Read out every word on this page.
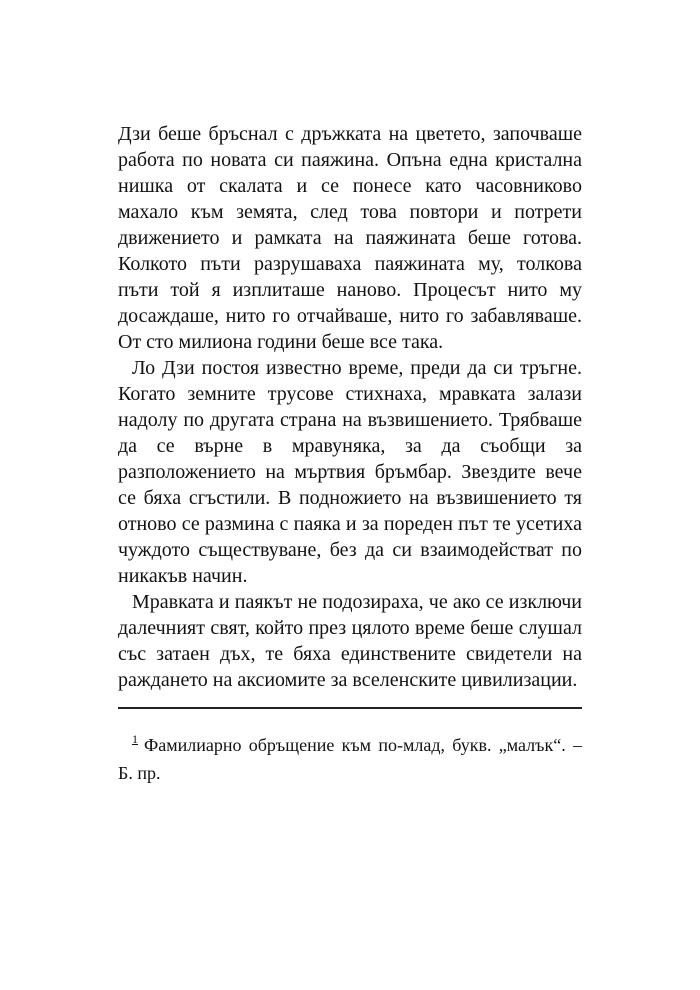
Дзи беше бръснал с дръжката на цветето, започваше работа по новата си паяжина. Опъна една кристална нишка от скалата и се понесе като часовниково махало към земята, след това повтори и потрети движението и рамката на паяжината беше готова. Колкото пъти разрушаваха паяжината му, толкова пъти той я изплиташе наново. Процесът нито му досаждаше, нито го отчайваше, нито го забавляваше. От сто милиона години беше все така.

Ло Дзи постоя известно време, преди да си тръгне. Когато земните трусове стихнаха, мравката залази надолу по другата страна на възвишението. Трябваше да се върне в мравуняка, за да съобщи за разположението на мъртвия бръмбар. Звездите вече се бяха сгъстили. В подножието на възвишението тя отново се размина с паяка и за пореден път те усетиха чуждото съществуване, без да си взаимодействат по никакъв начин.

Мравката и паякът не подозираха, че ако се изключи далечният свят, който през цялото време беше слушал със затаен дъх, те бяха единствените свидетели на раждането на аксиомите за вселенските цивилизации.

$^1$ Фамилиарно обръщение към по-млад, букв. „малък“. – Б. пр.
